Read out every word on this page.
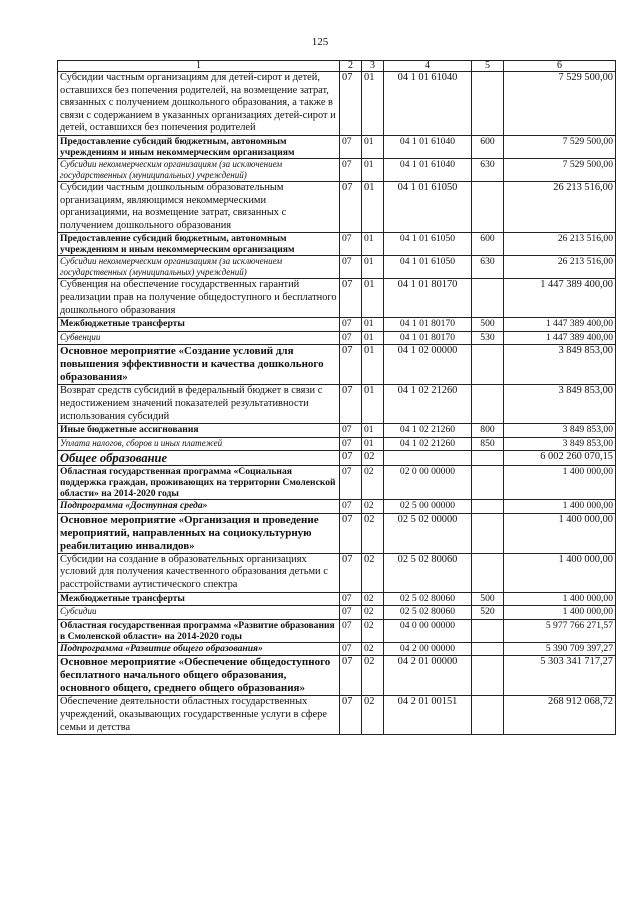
125
1	2	3	4	5	6
Субсидии частным организациям для детей-сирот и детей, оставшихся без попечения родителей, на возмещение затрат, связанных с получением дошкольного образования, а также в связи с содержанием в указанных организациях детей-сирот и детей, оставшихся без попечения родителей	07	01	04 1 01 61040		7 529 500,00
Предоставление субсидий бюджетным, автономным учреждениям и иным некоммерческим организациям	07	01	04 1 01 61040	600	7 529 500,00
Субсидии некоммерческим организациям (за исключением государственных (муниципальных) учреждений)	07	01	04 1 01 61040	630	7 529 500,00
Субсидии частным дошкольным образовательным организациям, являющимся некоммерческими организациями, на возмещение затрат, связанных с получением дошкольного образования	07	01	04 1 01 61050		26 213 516,00
Предоставление субсидий бюджетным, автономным учреждениям и иным некоммерческим организациям	07	01	04 1 01 61050	600	26 213 516,00
Субсидии некоммерческим организациям (за исключением государственных (муниципальных) учреждений)	07	01	04 1 01 61050	630	26 213 516,00
Субвенция на обеспечение государственных гарантий реализации прав на получение общедоступного и бесплатного дошкольного образования	07	01	04 1 01 80170		1 447 389 400,00
Межбюджетные трансферты	07	01	04 1 01 80170	500	1 447 389 400,00
Субвенции	07	01	04 1 01 80170	530	1 447 389 400,00
Основное мероприятие «Создание условий для повышения эффективности и качества дошкольного образования»	07	01	04 1 02 00000		3 849 853,00
Возврат средств субсидий в федеральный бюджет в связи с недостижением значений показателей результативности использования субсидий	07	01	04 1 02 21260		3 849 853,00
Иные бюджетные ассигнования	07	01	04 1 02 21260	800	3 849 853,00
Уплата налогов, сборов и иных платежей	07	01	04 1 02 21260	850	3 849 853,00
Общее образование	07	02			6 002 260 070,15
Областная государственная программа «Социальная поддержка граждан, проживающих на территории Смоленской области» на 2014-2020 годы	07	02	02 0 00 00000		1 400 000,00
Подпрограмма «Доступная среда»	07	02	02 5 00 00000		1 400 000,00
Основное мероприятие «Организация и проведение мероприятий, направленных на социокультурную реабилитацию инвалидов»	07	02	02 5 02 00000		1 400 000,00
Субсидии на создание в образовательных организациях условий для получения качественного образования детьми с расстройствами аутистического спектра	07	02	02 5 02 80060		1 400 000,00
Межбюджетные трансферты	07	02	02 5 02 80060	500	1 400 000,00
Субсидии	07	02	02 5 02 80060	520	1 400 000,00
Областная государственная программа «Развитие образования в Смоленской области» на 2014-2020 годы	07	02	04 0 00 00000		5 977 766 271,57
Подпрограмма «Развитие общего образования»	07	02	04 2 00 00000		5 390 709 397,27
Основное мероприятие «Обеспечение общедоступного бесплатного начального общего образования, основного общего, среднего общего образования»	07	02	04 2 01 00000		5 303 341 717,27
Обеспечение деятельности областных государственных учреждений, оказывающих государственные услуги в сфере семьи и детства	07	02	04 2 01 00151		268 912 068,72
